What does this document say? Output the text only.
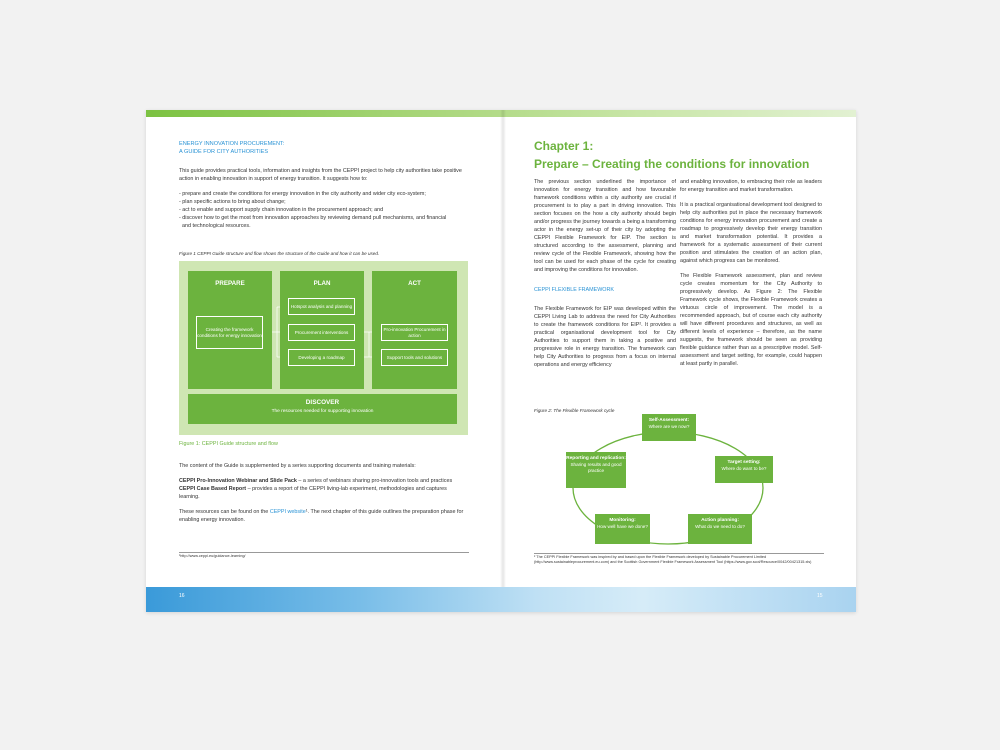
ENERGY INNOVATION PROCUREMENT:
A GUIDE FOR CITY AUTHORITIES

This guide provides practical tools, information and insights from the CEPPI project to help city authorities take positive action in enabling innovation in support of energy transition. It suggests how to:

- prepare and create the conditions for energy innovation in the city authority and wider city eco-system;
- plan specific actions to bring about change;
- act to enable and support supply chain innovation in the procurement approach; and
- discover how to get the most from innovation approaches by reviewing demand pull mechanisms, and financial
and technological resources.
Figure 1 CEPPI Guide structure and flow shows the structure of the Guide and how it can be used.
PREPARE
Creating the framework conditions for energy innovation
PLAN
Hotspot analysis and planning
Procurement interventions
Developing a roadmap
ACT
Pro-innovation Procurement in action
Support tools and solutions
DISCOVER
The resources needed for supporting innovation
Figure 1: CEPPI Guide structure and flow

The content of the Guide is supplemented by a series supporting documents and training materials:

CEPPI Pro-Innovation Webinar and Slide Pack – a series of webinars sharing pro-innovation tools and practices

CEPPI Case Based Report – provides a report of the CEPPI living-lab experiment, methodologies and captures learning.

These resources can be found on the CEPPI website¹. The next chapter of this guide outlines the preparation phase for enabling energy innovation.

¹http://www.ceppi.eu/guidance-learning/
Chapter 1:
Prepare – Creating the conditions for innovation

The previous section underlined the importance of innovation for energy transition and how favourable framework conditions within a city authority are crucial if procurement is to play a part in driving innovation. This section focuses on the how a city authority should begin and/or progress the journey towards a being a transforming actor in the energy set-up of their city by adopting the CEPPI Flexible Framework for EIP. The section is structured according to the assessment, planning and review cycle of the Flexible Framework, showing how the tool can be used for each phase of the cycle for creating and improving the conditions for innovation.

CEPPI FLEXIBLE FRAMEWORK

The Flexible Framework for EIP was developed within the CEPPI Living Lab to address the need for City Authorities to create the framework conditions for EIP². It provides a practical organisational development tool for City Authorities to support them in taking a positive and progressive role in energy transition. The framework can help City Authorities to progress from a focus on internal operations and energy efficiency

and enabling innovation, to embracing their role as leaders for energy transition and market transformation.

It is a practical organisational development tool designed to help city authorities put in place the necessary framework conditions for energy innovation procurement and create a roadmap to progressively develop their energy transition and market transformation potential. It provides a framework for a systematic assessment of their current position and stimulates the creation of an action plan, against which progress can be monitored.

The Flexible Framework assessment, plan and review cycle creates momentum for the City Authority to progressively develop. As Figure 2: The Flexible Framework cycle shows, the Flexible Framework creates a virtuous circle of improvement. The model is a recommended approach, but of course each city authority will have different procedures and structures, as well as different levels of experience – therefore, as the name suggests, the framework should be seen as providing flexible guidance rather than as a prescriptive model. Self-assessment and target setting, for example, could happen at least partly in parallel.

Figure 2: The Flexible Framework cycle
Self-Assessment:
Where are we now?
Target setting:
Where do want to be?
Action planning:
What do we need to do?
Monitoring:
How well have we done?
Reporting and replication:
Sharing results and good practice
² The CEPPI Flexible Framework was inspired by and based upon the Flexible Framework developed by Sustainable Procurement Limited (http://www.sustainableprocurement.eu.com) and the Scottish Government Flexible Framework Assessment Tool (https://www.gov.scot/Resource/0042/00421315.xls)
16	15
